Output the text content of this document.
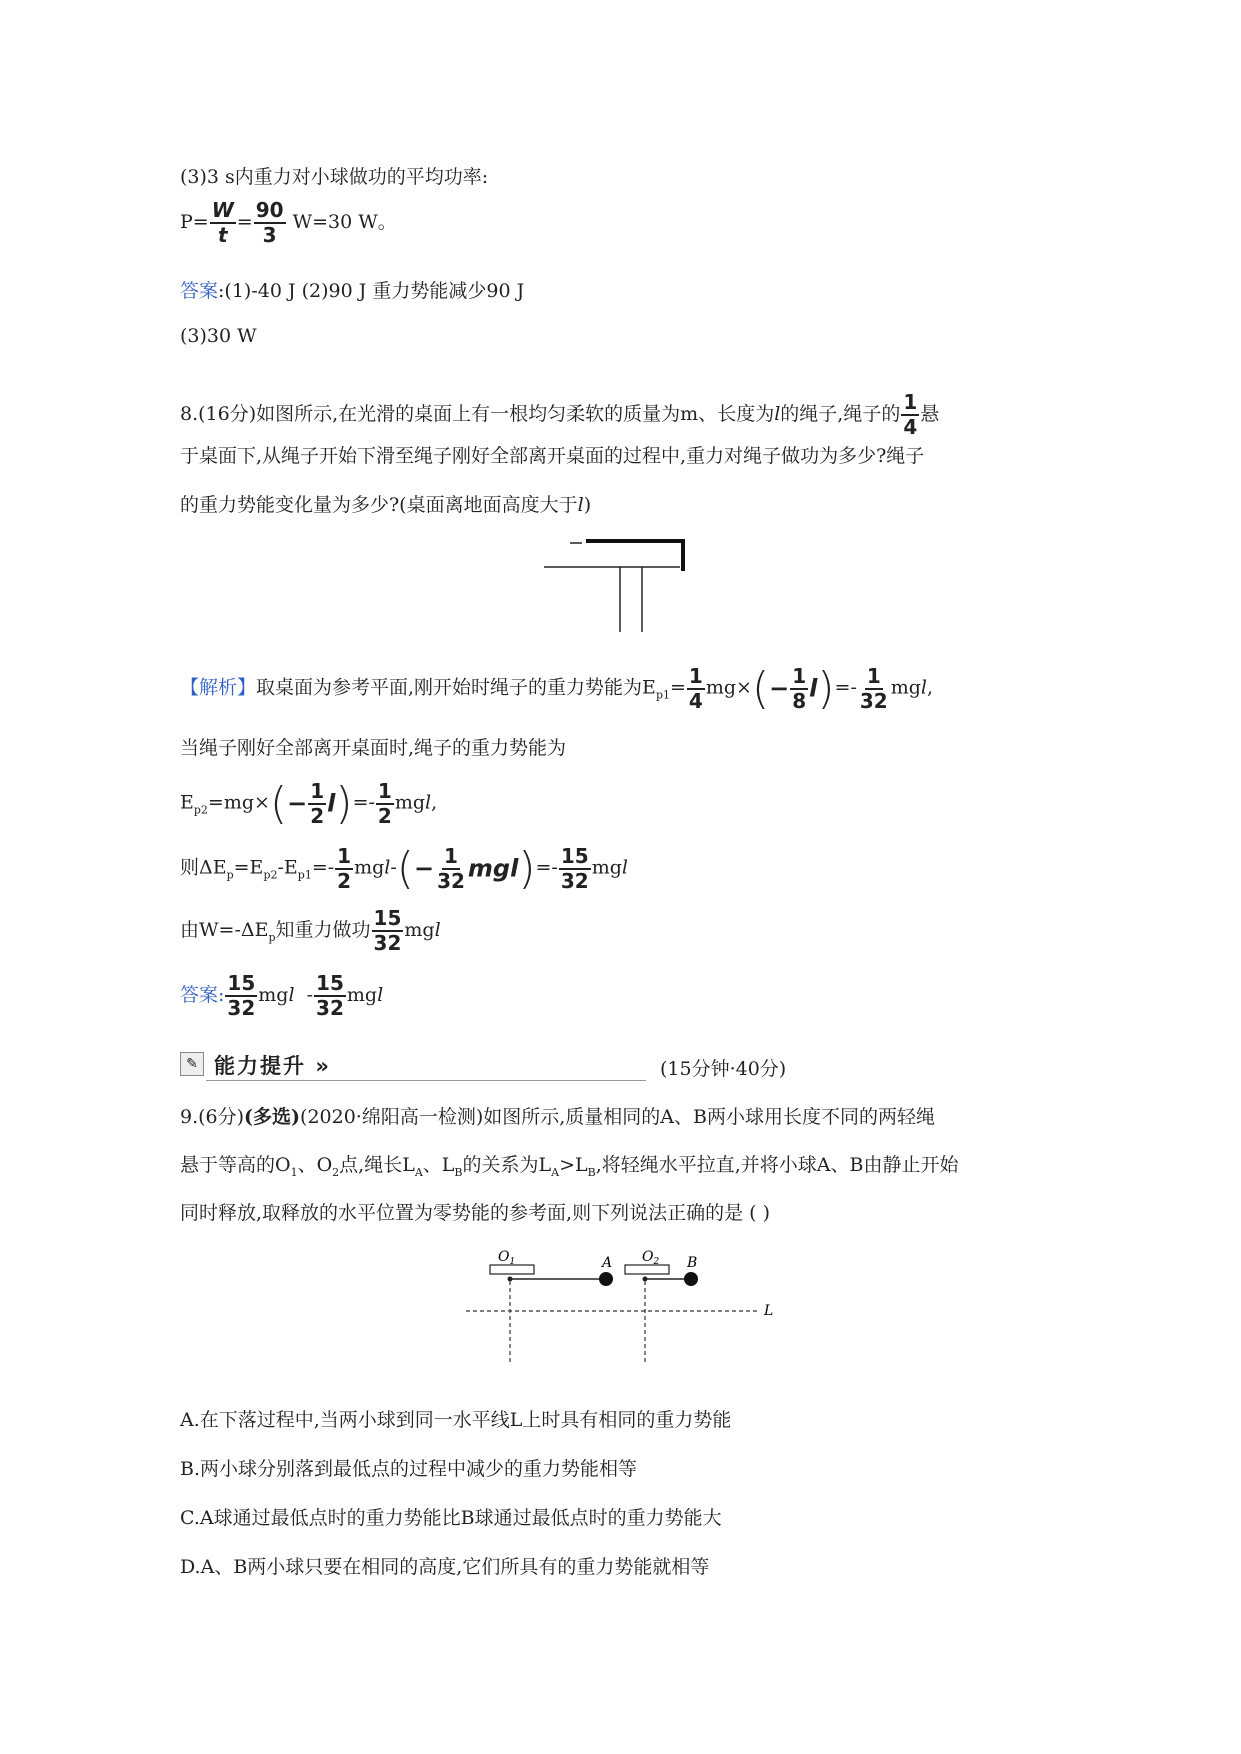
(3)3 s内重力对小球做功的平均功率:
$P= \frac{W}{t} = \frac{90}{3} W=30$ W。
答案:(1)-40 J (2)90 J 重力势能减少90 J
(3)30 W
8.(16分)如图所示,在光滑的桌面上有一根均匀柔软的质量为m、长度为l的绳子,绳子的 $\frac{1}{4}$ 悬
于桌面下,从绳子开始下滑至绳子刚好全部离开桌面的过程中,重力对绳子做功为多少?绳子
的重力势能变化量为多少?(桌面离地面高度大于l)
【解析】取桌面为参考平面,刚开始时绳子的重力势能为$E_{p1}= \frac{1}{4} mg\times(- \frac{1}{8} l)=- \frac{1}{32}$ mgl,
当绳子刚好全部离开桌面时,绳子的重力势能为
$E_{p2}=mg\times(- \frac{1}{2} l)=- \frac{1}{2}$ mgl,
则$\Delta E_p=E_{p2}-E_{p1}=- \frac{1}{2} mgl-(- \frac{1}{32} mgl)=- \frac{15}{32}$ mgl
由$W=-\Delta E_p$知重力做功 $\frac{15}{32}$ mgl
答案: $\frac{15}{32}$ mgl - $\frac{15}{32}$ mgl
✎ 能力提升 »	(15分钟·40分)
9.(6分)(多选)(2020·绵阳高一检测)如图所示,质量相同的A、B两小球用长度不同的两轻绳
悬于等高的$O_1$、$O_2$点,绳长$L_A$、$L_B$的关系为$L_A>L_B$,将轻绳水平拉直,并将小球A、B由静止开始
同时释放,取释放的水平位置为零势能的参考面,则下列说法正确的是 ( )
$O_1$	$O_2$
A	B
L
A.在下落过程中,当两小球到同一水平线L上时具有相同的重力势能
B.两小球分别落到最低点的过程中减少的重力势能相等
C.A球通过最低点时的重力势能比B球通过最低点时的重力势能大
D.A、B两小球只要在相同的高度,它们所具有的重力势能就相等
